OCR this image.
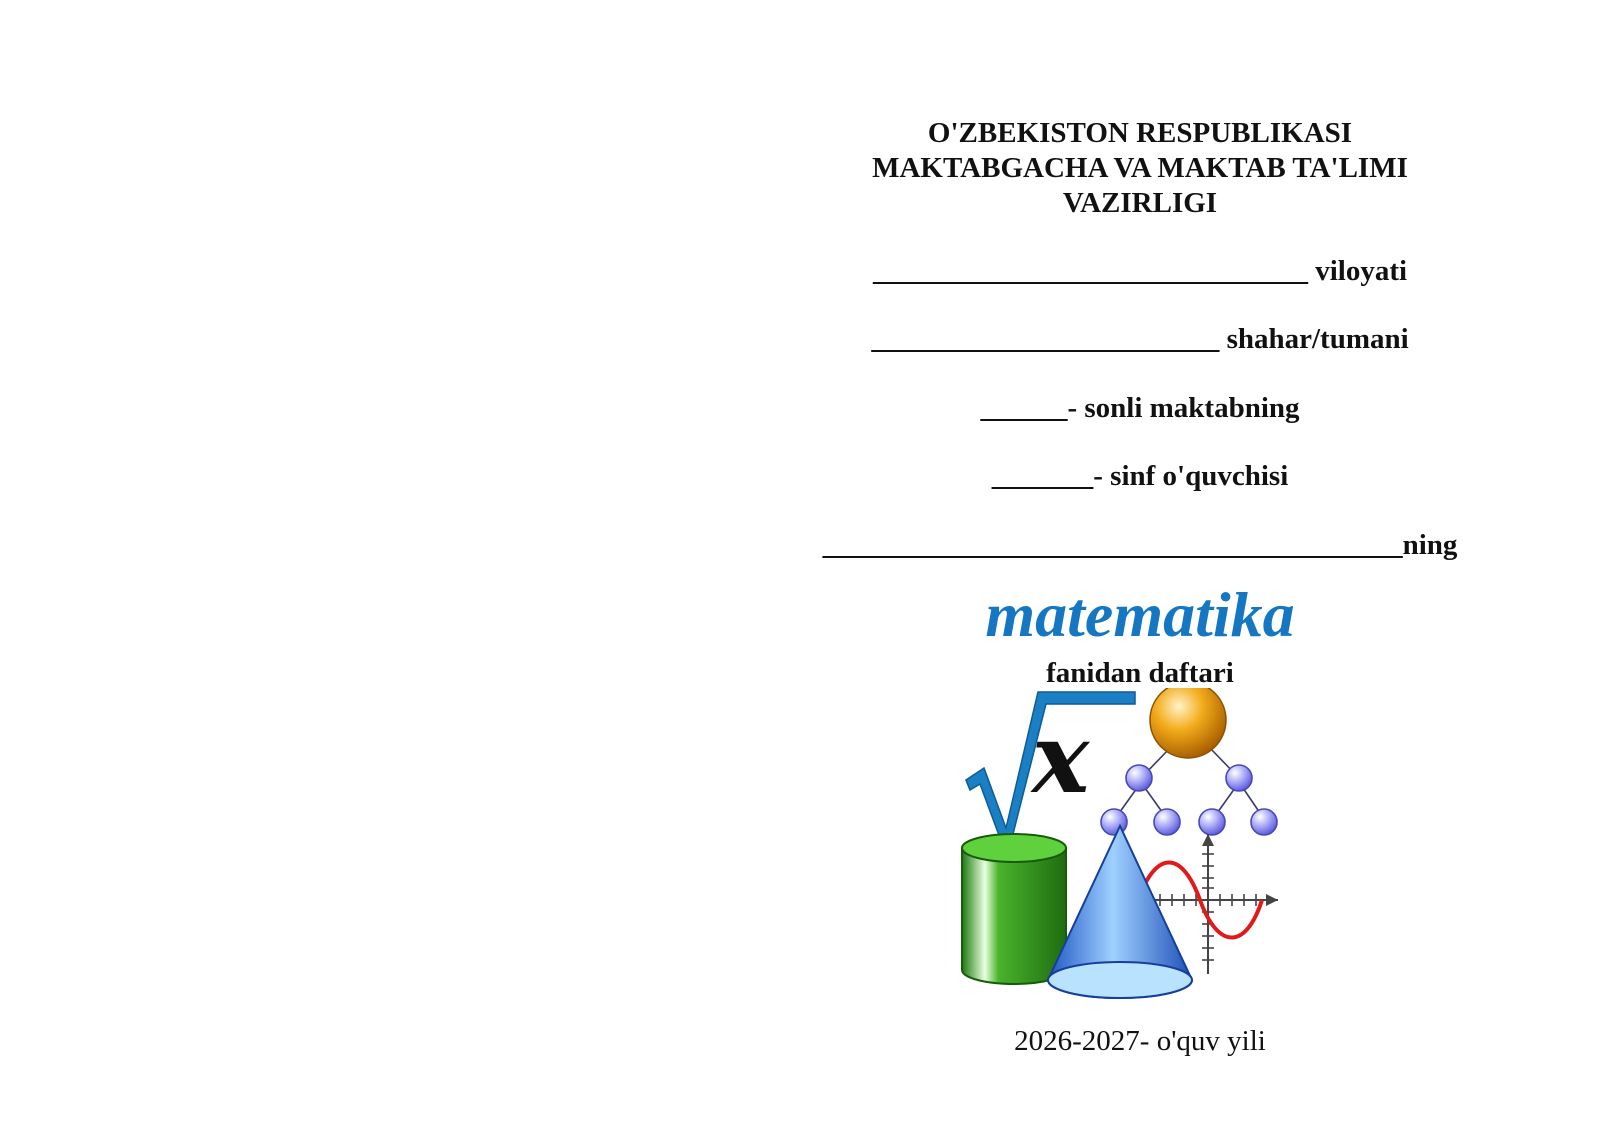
O'ZBEKISTON RESPUBLIKASI
MAKTABGACHA VA MAKTAB TA'LIMI
VAZIRLIGI
______________________________ viloyati
________________________ shahar/tumani
______- sonli maktabning
_______- sinf o'quvchisi
________________________________________ning
matematika
fanidan daftari
x
2026-2027- o'quv yili
